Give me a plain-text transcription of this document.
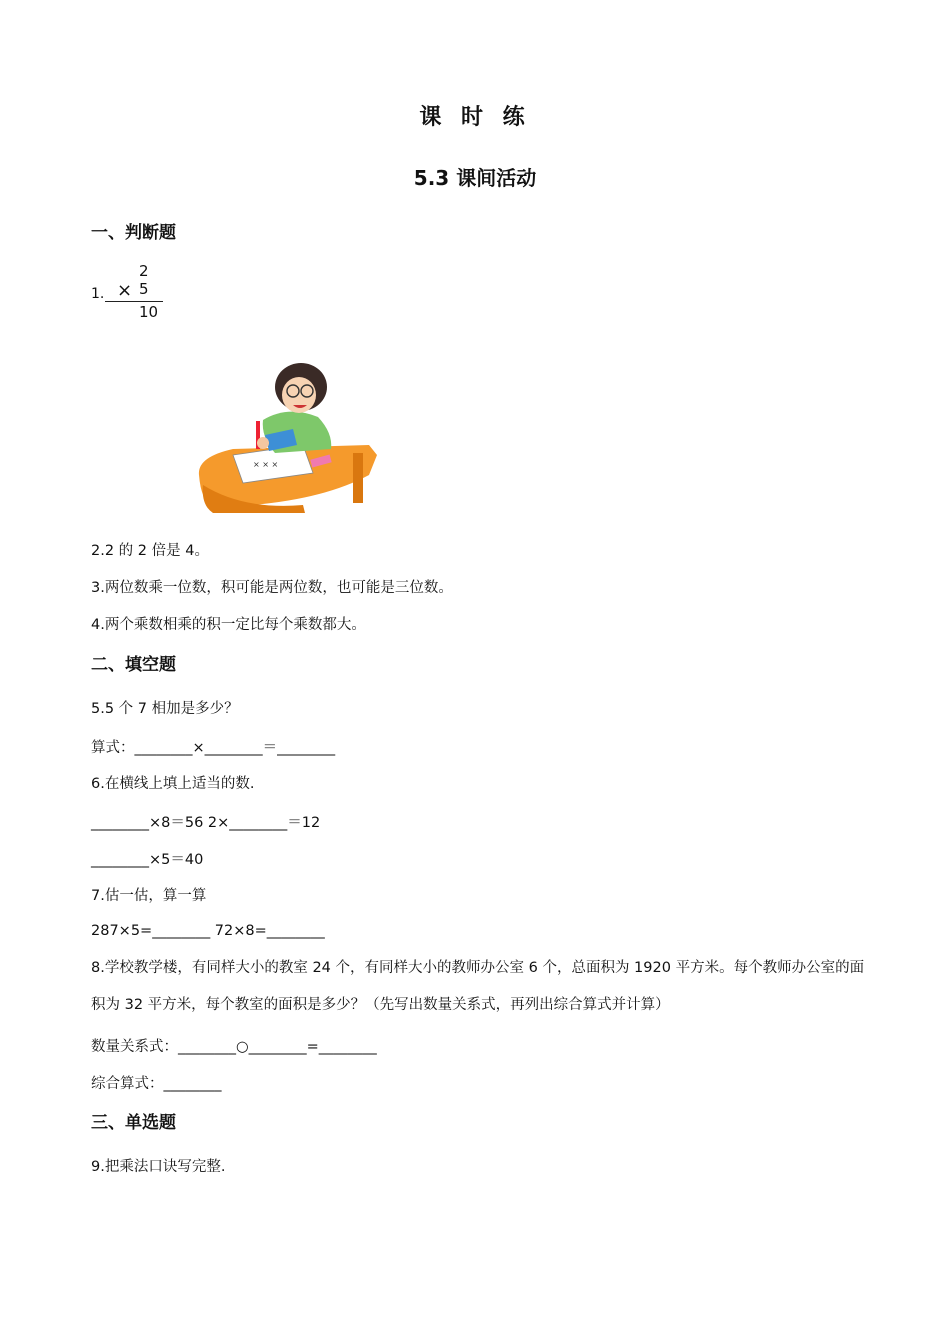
课 时 练
5.3 课间活动
一、判断题
1.
2
× 5
10
× × ×
2.2 的 2 倍是 4。
3.两位数乘一位数，积可能是两位数，也可能是三位数。
4.两个乘数相乘的积一定比每个乘数都大。
二、填空题
5.5 个 7 相加是多少？
算式：________×________＝________
6.在横线上填上适当的数.
________×8＝56 2×________＝12
________×5＝40
7.估一估，算一算
287×5=________ 72×8=________
8.学校教学楼，有同样大小的教室 24 个，有同样大小的教师办公室 6 个，总面积为 1920 平方米。每个教师办公室的面积为 32 平方米，每个教室的面积是多少？（先写出数量关系式，再列出综合算式并计算）
数量关系式：________○________=________
综合算式：________
三、单选题
9.把乘法口诀写完整.
